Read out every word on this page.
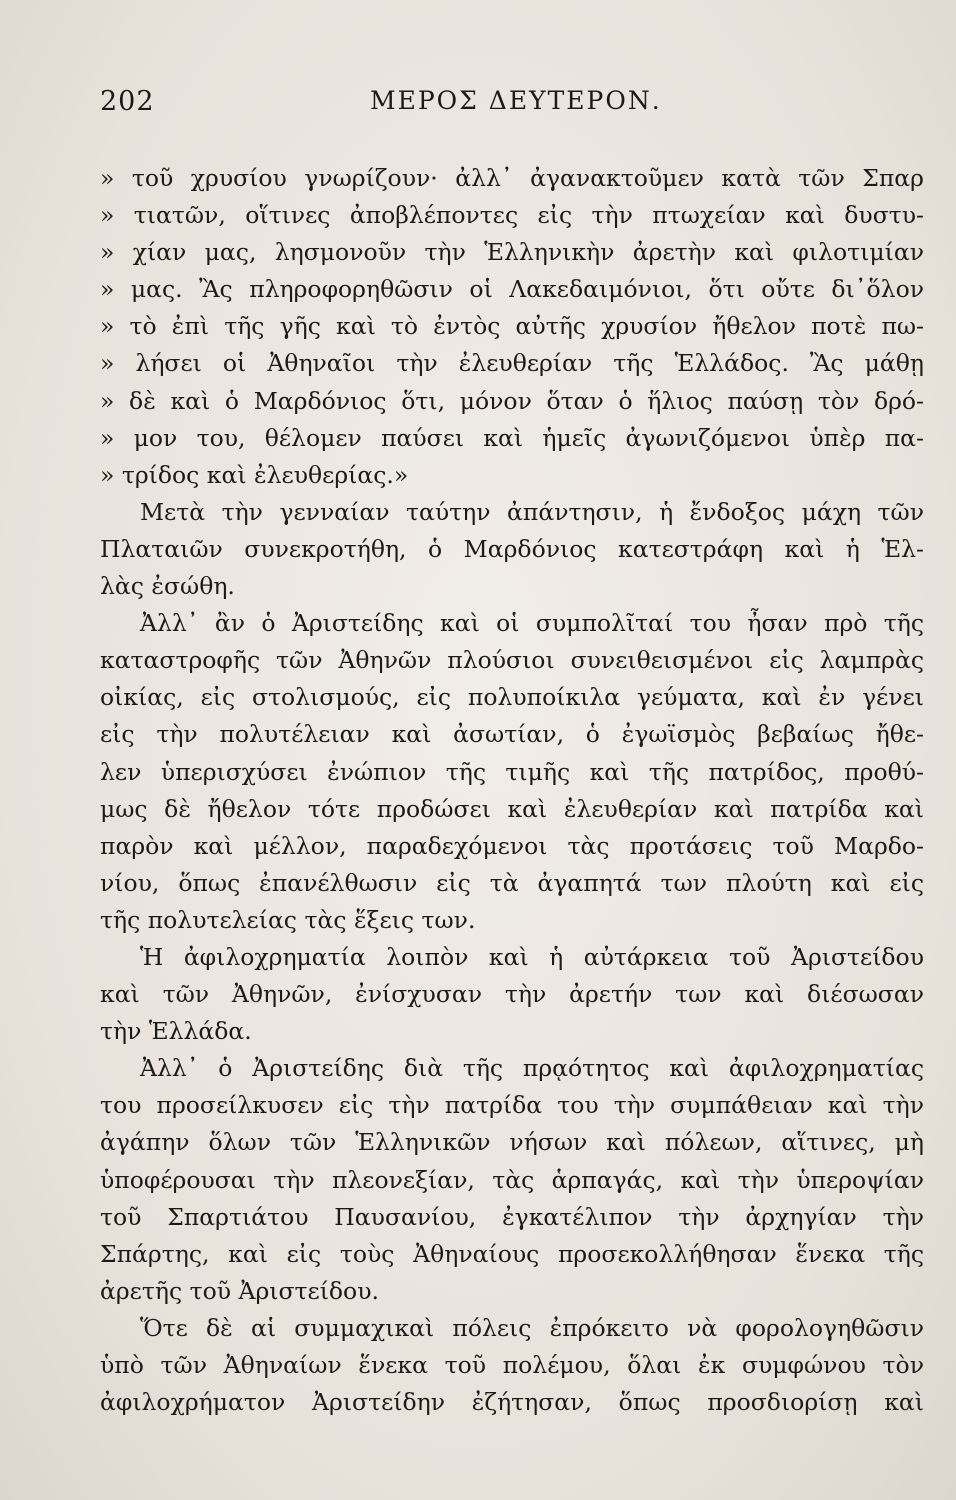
202	ΜΕΡΟΣ ΔΕΥΤΕΡΟΝ.
» τοῦ χρυσίου γνωρίζουν· ἀλλ᾽ ἀγανακτοῦμεν κατὰ τῶν Σπαρ
» τιατῶν, οἵτινες ἀποβλέποντες εἰς τὴν πτωχείαν καὶ δυστυ-
» χίαν μας, λησμονοῦν τὴν Ἑλληνικὴν ἀρετὴν καὶ φιλοτιμίαν
» μας. Ἂς πληροφορηθῶσιν οἱ Λακεδαιμόνιοι, ὅτι οὔτε δι᾽ὅλον
» τὸ ἐπὶ τῆς γῆς καὶ τὸ ἐντὸς αὐτῆς χρυσίον ἤθελον ποτὲ πω-
» λήσει οἱ Ἀθηναῖοι τὴν ἐλευθερίαν τῆς Ἑλλάδος. Ἂς μάθῃ
» δὲ καὶ ὁ Μαρδόνιος ὅτι, μόνον ὅταν ὁ ἥλιος παύσῃ τὸν δρό-
» μον του, θέλομεν παύσει καὶ ἡμεῖς ἀγωνιζόμενοι ὑπὲρ πα-
» τρίδος καὶ ἐλευθερίας.»
Μετὰ τὴν γενναίαν ταύτην ἀπάντησιν, ἡ ἔνδοξος μάχη τῶν
Πλαταιῶν συνεκροτήθη, ὁ Μαρδόνιος κατεστράφη καὶ ἡ Ἑλ-
λὰς ἐσώθη.
Ἀλλ᾽ ἂν ὁ Ἀριστείδης καὶ οἱ συμπολῖταί του ἦσαν πρὸ τῆς
καταστροφῆς τῶν Ἀθηνῶν πλούσιοι συνειθεισμένοι εἰς λαμπρὰς
οἰκίας, εἰς στολισμούς, εἰς πολυποίκιλα γεύματα, καὶ ἐν γένει
εἰς τὴν πολυτέλειαν καὶ ἀσωτίαν, ὁ ἐγωϊσμὸς βεβαίως ἤθε-
λεν ὑπερισχύσει ἐνώπιον τῆς τιμῆς καὶ τῆς πατρίδος, προθύ-
μως δὲ ἤθελον τότε προδώσει καὶ ἐλευθερίαν καὶ πατρίδα καὶ
παρὸν καὶ μέλλον, παραδεχόμενοι τὰς προτάσεις τοῦ Μαρδο-
νίου, ὅπως ἐπανέλθωσιν εἰς τὰ ἀγαπητά των πλούτη καὶ εἰς
τῆς πολυτελείας τὰς ἕξεις των.
Ἡ ἀφιλοχρηματία λοιπὸν καὶ ἡ αὐτάρκεια τοῦ Ἀριστείδου
καὶ τῶν Ἀθηνῶν, ἐνίσχυσαν τὴν ἀρετήν των καὶ διέσωσαν
τὴν Ἑλλάδα.
Ἀλλ᾽ ὁ Ἀριστείδης διὰ τῆς πρᾳότητος καὶ ἀφιλοχρηματίας
του προσείλκυσεν εἰς τὴν πατρίδα του τὴν συμπάθειαν καὶ τὴν
ἀγάπην ὅλων τῶν Ἑλληνικῶν νήσων καὶ πόλεων, αἵτινες, μὴ
ὑποφέρουσαι τὴν πλεονεξίαν, τὰς ἁρπαγάς, καὶ τὴν ὑπεροψίαν
τοῦ Σπαρτιάτου Παυσανίου, ἐγκατέλιπον τὴν ἀρχηγίαν τὴν
Σπάρτης, καὶ εἰς τοὺς Ἀθηναίους προσεκολλήθησαν ἕνεκα τῆς
ἀρετῆς τοῦ Ἀριστείδου.
Ὅτε δὲ αἱ συμμαχικαὶ πόλεις ἐπρόκειτο νὰ φορολογηθῶσιν
ὑπὸ τῶν Ἀθηναίων ἕνεκα τοῦ πολέμου, ὅλαι ἐκ συμφώνου τὸν
ἀφιλοχρήματον Ἀριστείδην ἐζήτησαν, ὅπως προσδιορίσῃ καὶ
